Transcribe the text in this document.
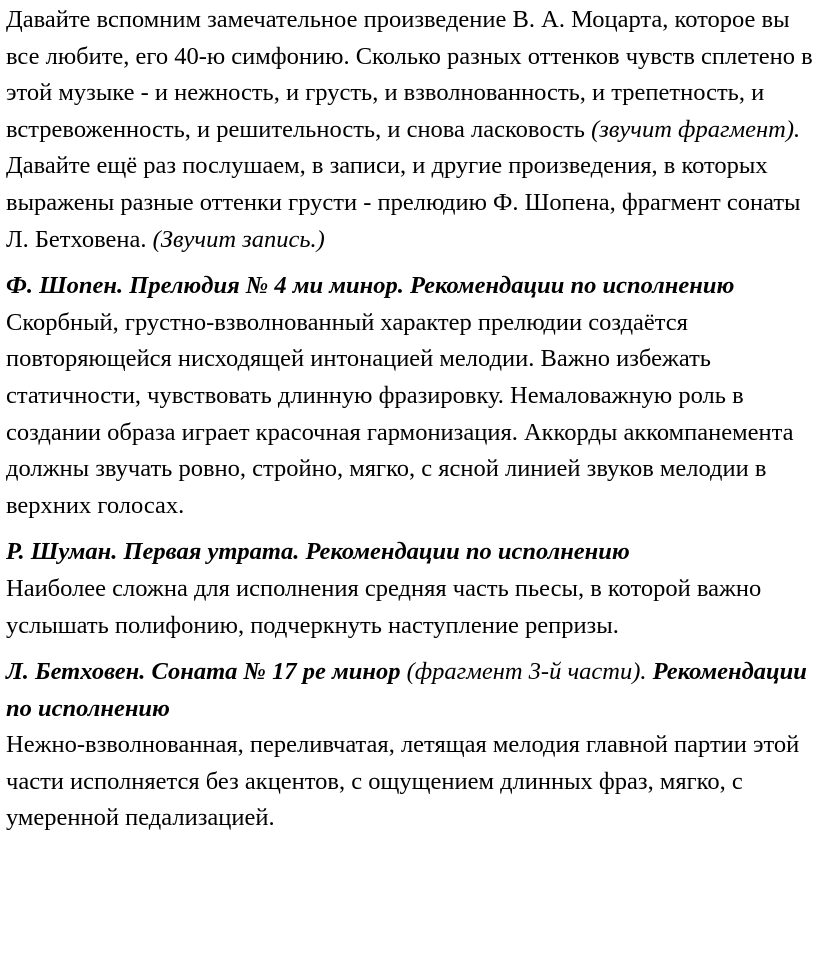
Давайте вспомним замечательное произведение В. А. Моцарта, которое вы все любите, его 40-ю симфонию. Сколько разных оттенков чувств сплетено в этой музыке - и нежность, и грусть, и взволнованность, и трепетность, и встревоженность, и решительность, и снова ласковость (звучит фрагмент). Давайте ещё раз послушаем, в записи, и другие произведения, в которых выражены разные оттенки грусти - прелюдию Ф. Шопена, фрагмент сонаты Л. Бетховена. (Звучит запись.)

Ф. Шопен. Прелюдия № 4 ми минор. Рекомендации по исполнению

Скорбный, грустно-взволнованный характер прелюдии создаётся повторяющейся нисходящей интонацией мелодии. Важно избежать статичности, чувствовать длинную фразировку. Немаловажную роль в создании образа играет красочная гармонизация. Аккорды аккомпанемента должны звучать ровно, стройно, мягко, с ясной линией звуков мелодии в верхних голосах.

Р. Шуман. Первая утрата. Рекомендации по исполнению

Наиболее сложна для исполнения средняя часть пьесы, в которой важно услышать полифонию, подчеркнуть наступление репризы.

Л. Бетховен. Соната № 17 ре минор (фрагмент 3-й части). Рекомендации по исполнению

Нежно-взволнованная, переливчатая, летящая мелодия главной партии этой части исполняется без акцентов, с ощущением длинных фраз, мягко, с умеренной педализацией.
